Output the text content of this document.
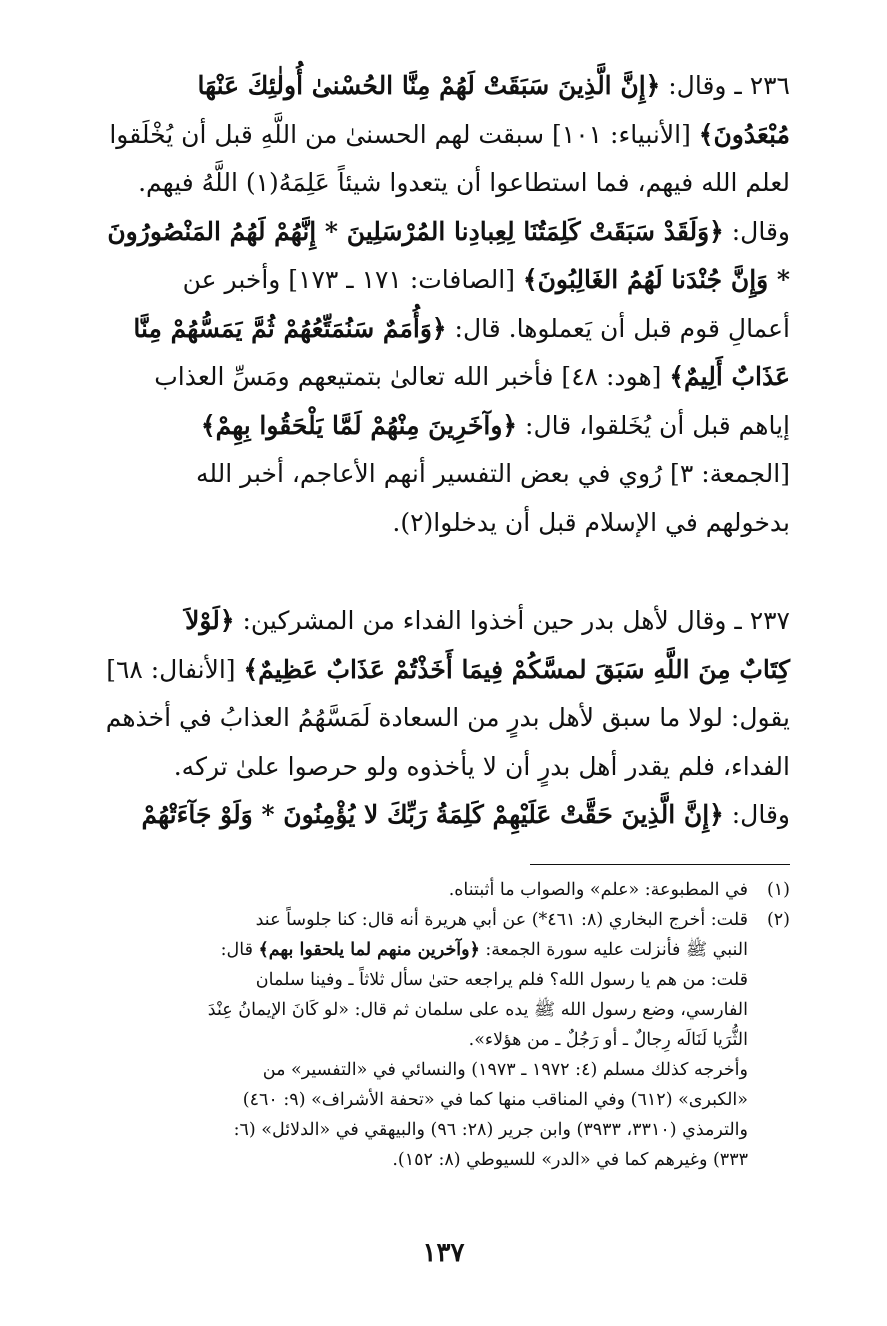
٢٣٦ ـ وقال: ﴿إِنَّ الَّذِينَ سَبَقَتْ لَهُمْ مِنَّا الحُسْنىٰ أُولٰئِكَ عَنْهَا
مُبْعَدُونَ﴾ [الأنبياء: ١٠١] سبقت لهم الحسنىٰ من اللَّهِ قبل أن يُخْلَقوا
لعلم الله فيهم، فما استطاعوا أن يتعدوا شيئاً عَلِمَهُ(١) اللَّهُ فيهم.
وقال: ﴿وَلَقَدْ سَبَقَتْ كَلِمَتُنَا لِعِبادِنا المُرْسَلِينَ * إِنَّهُمْ لَهُمُ المَنْصُورُونَ
* وَإِنَّ جُنْدَنا لَهُمُ الغَالِبُونَ﴾ [الصافات: ١٧١ ـ ١٧٣] وأخبر عن
أعمالِ قوم قبل أن يَعملوها. قال: ﴿وَأُمَمٌ سَنُمَتِّعُهُمْ ثُمَّ يَمَسُّهُمْ مِنَّا
عَذَابٌ أَلِيمٌ﴾ [هود: ٤٨] فأخبر الله تعالىٰ بتمتيعهم ومَسِّ العذاب
إياهم قبل أن يُخَلقوا، قال: ﴿وآخَرِينَ مِنْهُمْ لَمَّا يَلْحَقُوا بِهِمْ﴾
[الجمعة: ٣] رُوي في بعض التفسير أنهم الأعاجم، أخبر الله
بدخولهم في الإسلام قبل أن يدخلوا(٢).
٢٣٧ ـ وقال لأهل بدر حين أخذوا الفداء من المشركين: ﴿لَوْلاَ
كِتَابٌ مِنَ اللَّهِ سَبَقَ لمسَّكُمْ فِيمَا أَخَذْتُمْ عَذَابٌ عَظِيمٌ﴾ [الأنفال: ٦٨]
يقول: لولا ما سبق لأهل بدرٍ من السعادة لَمَسَّهُمُ العذابُ في أخذهم
الفداء، فلم يقدر أهل بدرٍ أن لا يأخذوه ولو حرصوا علىٰ تركه.
وقال: ﴿إِنَّ الَّذِينَ حَقَّتْ عَلَيْهِمْ كَلِمَةُ رَبِّكَ لا يُؤْمِنُونَ * وَلَوْ جَآءَتْهُمْ
(١)
في المطبوعة: «علم» والصواب ما أثبتناه.
(٢)
قلت: أخرج البخاري (٨: ٤٦١*) عن أبي هريرة أنه قال: كنا جلوساً عند
النبي ﷺ فأنزلت عليه سورة الجمعة: ﴿وآخرين منهم لما يلحقوا بهم﴾ قال:
قلت: من هم يا رسول الله؟ فلم يراجعه حتىٰ سأل ثلاثاً ـ وفينا سلمان
الفارسي، وضع رسول الله ﷺ يده على سلمان ثم قال: «لو كَانَ الإيمانُ عِنْدَ
الثُّرَيا لَنَالَه رِجالٌ ـ أو رَجُلٌ ـ من هؤلاء».
وأخرجه كذلك مسلم (٤: ١٩٧٢ ـ ١٩٧٣) والنسائي في «التفسير» من
«الكبرى» (٦١٢) وفي المناقب منها كما في «تحفة الأشراف» (٩: ٤٦٠)
والترمذي (٣٣١٠، ٣٩٣٣) وابن جرير (٢٨: ٩٦) والبيهقي في «الدلائل» (٦:
٣٣٣) وغيرهم كما في «الدر» للسيوطي (٨: ١٥٢).
١٣٧
